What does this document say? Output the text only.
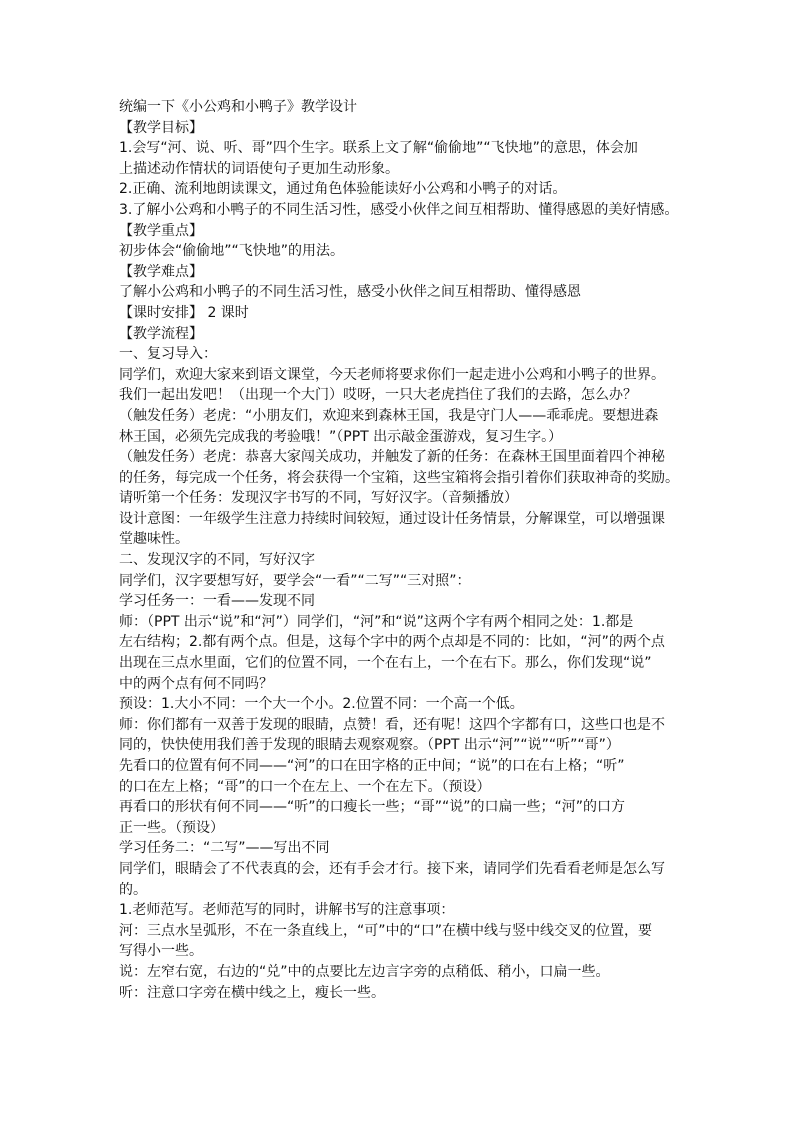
统编一下《小公鸡和小鸭子》教学设计
【教学目标】
1.会写“河、说、听、哥”四个生字。联系上文了解“偷偷地”“飞快地”的意思，体会加
上描述动作情状的词语使句子更加生动形象。
2.正确、流利地朗读课文，通过角色体验能读好小公鸡和小鸭子的对话。
3.了解小公鸡和小鸭子的不同生活习性，感受小伙伴之间互相帮助、懂得感恩的美好情感。
【教学重点】
初步体会“偷偷地”“飞快地”的用法。
【教学难点】
了解小公鸡和小鸭子的不同生活习性，感受小伙伴之间互相帮助、懂得感恩
【课时安排】 2 课时
【教学流程】
一、复习导入：
同学们，欢迎大家来到语文课堂，今天老师将要求你们一起走进小公鸡和小鸭子的世界。
我们一起出发吧！（出现一个大门）哎呀，一只大老虎挡住了我们的去路，怎么办？
（触发任务）老虎：“小朋友们，欢迎来到森林王国，我是守门人——乖乖虎。要想进森
林王国，必须先完成我的考验哦！”（PPT 出示敲金蛋游戏，复习生字。）
（触发任务）老虎：恭喜大家闯关成功，并触发了新的任务：在森林王国里面着四个神秘
的任务，每完成一个任务，将会获得一个宝箱，这些宝箱将会指引着你们获取神奇的奖励。
请听第一个任务：发现汉字书写的不同，写好汉字。（音频播放）
设计意图：一年级学生注意力持续时间较短，通过设计任务情景，分解课堂，可以增强课
堂趣味性。
二、发现汉字的不同，写好汉字
同学们，汉字要想写好，要学会“一看”“二写”“三对照”：
学习任务一：一看——发现不同
师：（PPT 出示“说”和“河”）同学们，“河”和“说”这两个字有两个相同之处：1.都是
左右结构；2.都有两个点。但是，这每个字中的两个点却是不同的：比如，“河”的两个点
出现在三点水里面，它们的位置不同，一个在右上，一个在右下。那么，你们发现“说”
中的两个点有何不同吗？
预设：1.大小不同：一个大一个小。2.位置不同：一个高一个低。
师：你们都有一双善于发现的眼睛，点赞！看，还有呢！这四个字都有口，这些口也是不
同的，快快使用我们善于发现的眼睛去观察观察。（PPT 出示“河”“说”“听”“哥”）
先看口的位置有何不同——“河”的口在田字格的正中间；“说”的口在右上格；“听”
的口在左上格；“哥”的口一个在左上、一个在左下。（预设）
再看口的形状有何不同——“听”的口瘦长一些；“哥”“说”的口扁一些；“河”的口方
正一些。（预设）
学习任务二：“二写”——写出不同
同学们，眼睛会了不代表真的会，还有手会才行。接下来，请同学们先看看老师是怎么写
的。
1.老师范写。老师范写的同时，讲解书写的注意事项：
河：三点水呈弧形，不在一条直线上，“可”中的“口”在横中线与竖中线交叉的位置，要
写得小一些。
说：左窄右宽，右边的“兑”中的点要比左边言字旁的点稍低、稍小，口扁一些。
听：注意口字旁在横中线之上，瘦长一些。
